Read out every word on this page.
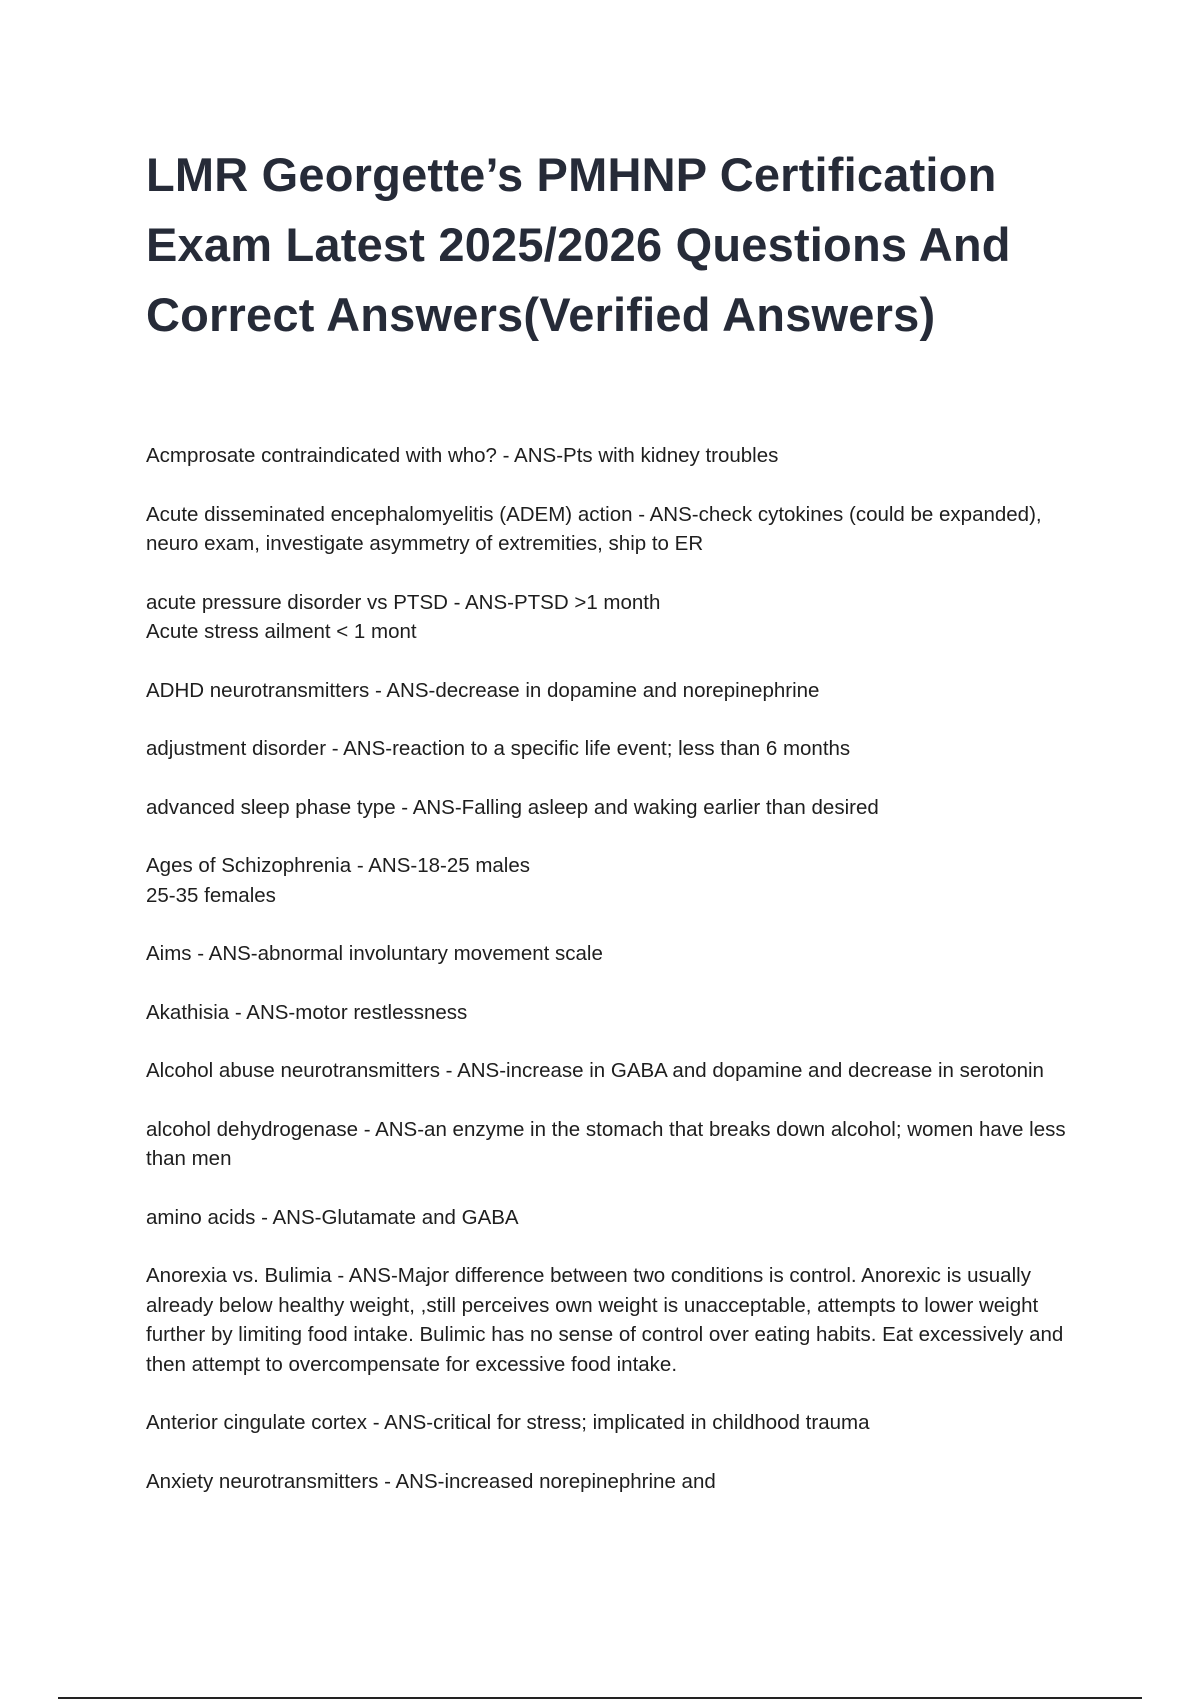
LMR Georgette’s PMHNP Certification Exam Latest 2025/2026 Questions And Correct Answers(Verified Answers)

Acmprosate contraindicated with who? - ANS-Pts with kidney troubles

Acute disseminated encephalomyelitis (ADEM) action - ANS-check cytokines (could be expanded), neuro exam, investigate asymmetry of extremities, ship to ER

acute pressure disorder vs PTSD - ANS-PTSD >1 month
Acute stress ailment < 1 mont

ADHD neurotransmitters - ANS-decrease in dopamine and norepinephrine

adjustment disorder - ANS-reaction to a specific life event; less than 6 months

advanced sleep phase type - ANS-Falling asleep and waking earlier than desired

Ages of Schizophrenia - ANS-18-25 males
25-35 females

Aims - ANS-abnormal involuntary movement scale

Akathisia - ANS-motor restlessness

Alcohol abuse neurotransmitters - ANS-increase in GABA and dopamine and decrease in serotonin

alcohol dehydrogenase - ANS-an enzyme in the stomach that breaks down alcohol; women have less than men

amino acids - ANS-Glutamate and GABA

Anorexia vs. Bulimia - ANS-Major difference between two conditions is control. Anorexic is usually already below healthy weight, ,still perceives own weight is unacceptable, attempts to lower weight further by limiting food intake. Bulimic has no sense of control over eating habits. Eat excessively and then attempt to overcompensate for excessive food intake.

Anterior cingulate cortex - ANS-critical for stress; implicated in childhood trauma

Anxiety neurotransmitters - ANS-increased norepinephrine and
